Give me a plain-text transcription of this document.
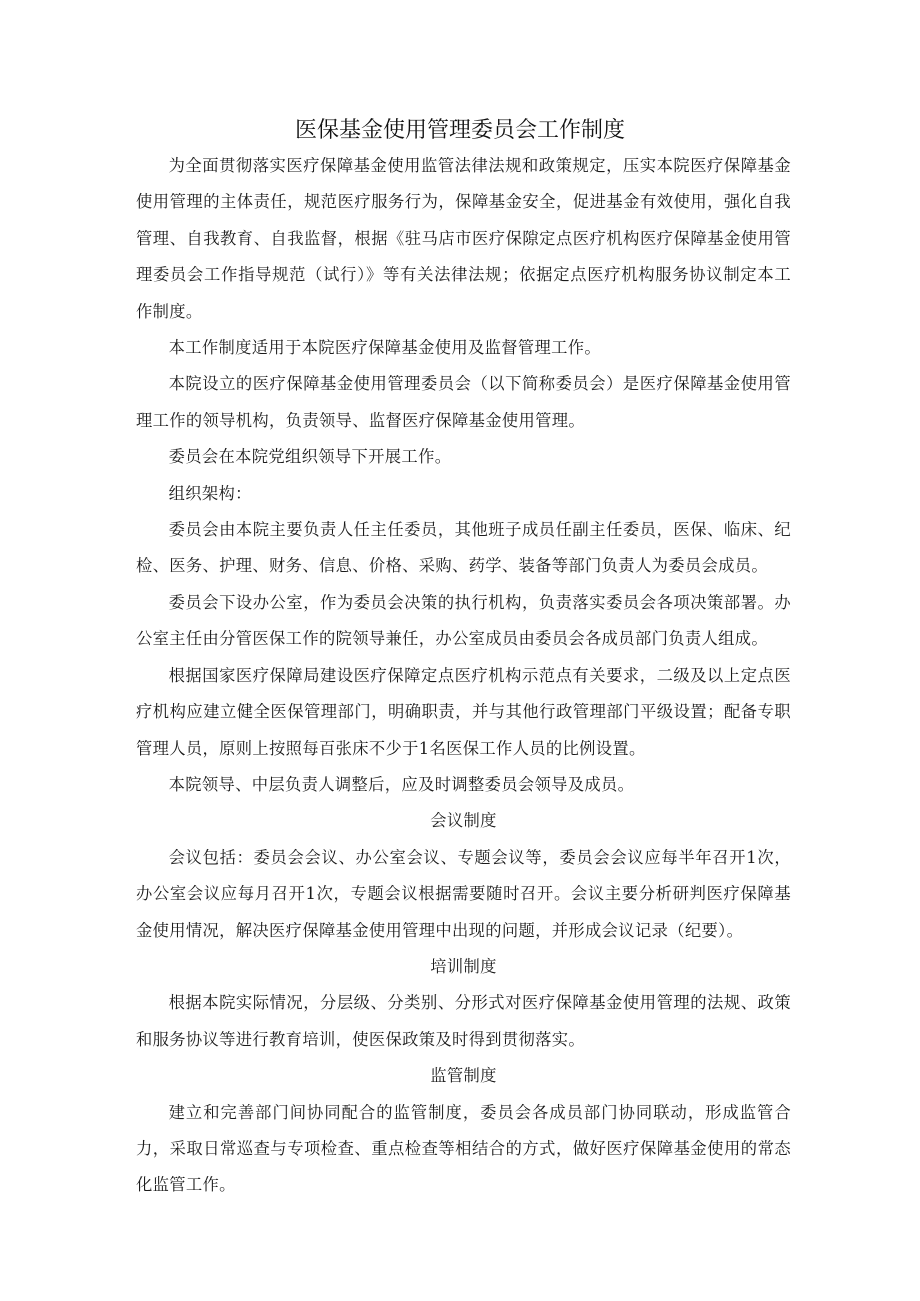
医保基金使用管理委员会工作制度

为全面贯彻落实医疗保障基金使用监管法律法规和政策规定，压实本院医疗保障基金使用管理的主体责任，规范医疗服务行为，保障基金安全，促进基金有效使用，强化自我管理、自我教育、自我监督，根据《驻马店市医疗保隙定点医疗机构医疗保障基金使用管理委员会工作指导规范（试行）》等有关法律法规；依据定点医疗机构服务协议制定本工作制度。

本工作制度适用于本院医疗保障基金使用及监督管理工作。

本院设立的医疗保障基金使用管理委员会（以下简称委员会）是医疗保障基金使用管理工作的领导机构，负责领导、监督医疗保障基金使用管理。

委员会在本院党组织领导下开展工作。

组织架构：

委员会由本院主要负责人任主任委员，其他班子成员任副主任委员，医保、临床、纪检、医务、护理、财务、信息、价格、采购、药学、装备等部门负责人为委员会成员。

委员会下设办公室，作为委员会决策的执行机构，负责落实委员会各项决策部署。办公室主任由分管医保工作的院领导兼任，办公室成员由委员会各成员部门负责人组成。

根据国家医疗保障局建设医疗保障定点医疗机构示范点有关要求，二级及以上定点医疗机构应建立健全医保管理部门，明确职责，并与其他行政管理部门平级设置；配备专职管理人员，原则上按照每百张床不少于1名医保工作人员的比例设置。

本院领导、中层负责人调整后，应及时调整委员会领导及成员。

会议制度

会议包括：委员会会议、办公室会议、专题会议等，委员会会议应每半年召开1次，办公室会议应每月召开1次，专题会议根据需要随时召开。会议主要分析研判医疗保障基金使用情况，解决医疗保障基金使用管理中出现的问题，并形成会议记录（纪要）。

培训制度

根据本院实际情况，分层级、分类别、分形式对医疗保障基金使用管理的法规、政策和服务协议等进行教育培训，使医保政策及时得到贯彻落实。

监管制度

建立和完善部门间协同配合的监管制度，委员会各成员部门协同联动，形成监管合力，采取日常巡查与专项检查、重点检查等相结合的方式，做好医疗保障基金使用的常态化监管工作。
